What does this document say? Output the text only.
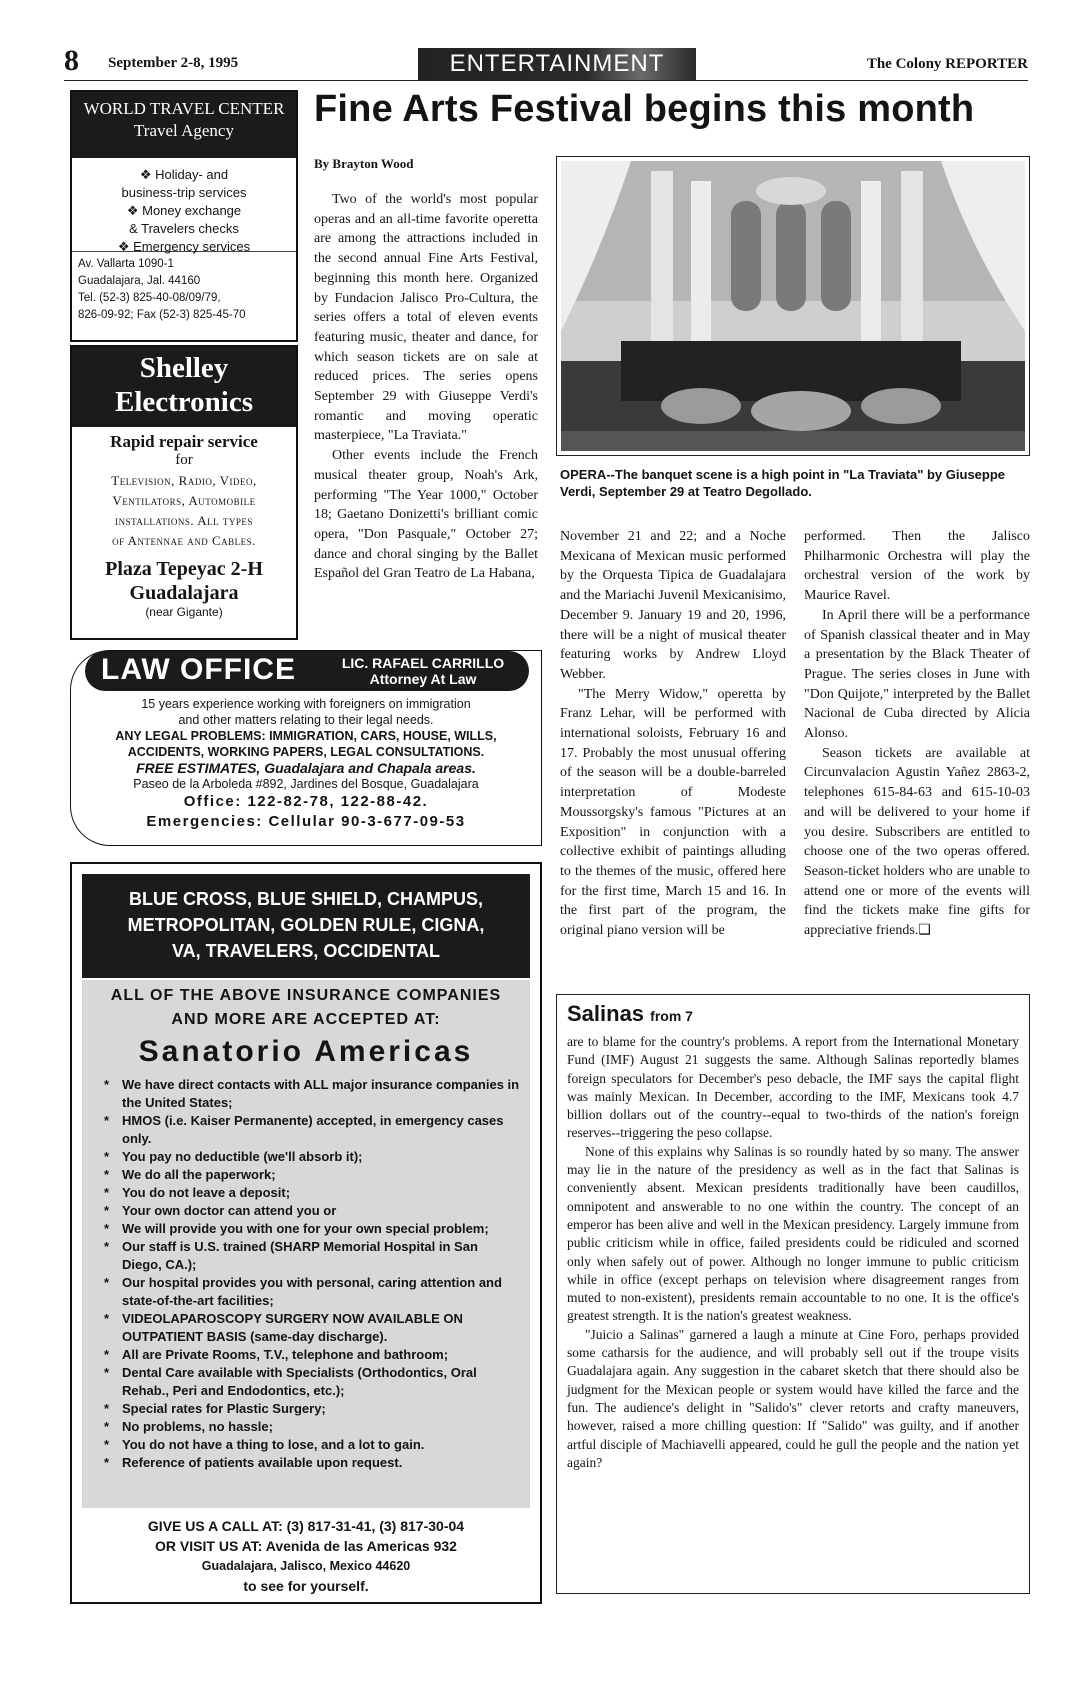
8 September 2-8, 1995	ENTERTAINMENT	The Colony REPORTER
WORLD TRAVEL CENTER
Travel Agency
❖ Holiday- and
business-trip services
❖ Money exchange
& Travelers checks
❖ Emergency services
Av. Vallarta 1090-1
Guadalajara, Jal. 44160
Tel. (52-3) 825-40-08/09/79,
826-09-92; Fax (52-3) 825-45-70
Shelley
Electronics
Rapid repair service
for
Television, Radio, Video,
Ventilators, Automobile
installations. All types
of Antennae and Cables.
Plaza Tepeyac 2-H
Guadalajara
(near Gigante)
LAW OFFICE	LIC. RAFAEL CARRILLO
Attorney At Law
15 years experience working with foreigners on immigration
and other matters relating to their legal needs.
ANY LEGAL PROBLEMS: IMMIGRATION, CARS, HOUSE, WILLS,
ACCIDENTS, WORKING PAPERS, LEGAL CONSULTATIONS.
FREE ESTIMATES, Guadalajara and Chapala areas.
Paseo de la Arboleda #892, Jardines del Bosque, Guadalajara
Office: 122-82-78, 122-88-42.
Emergencies: Cellular 90-3-677-09-53
BLUE CROSS, BLUE SHIELD, CHAMPUS,
METROPOLITAN, GOLDEN RULE, CIGNA,
VA, TRAVELERS, OCCIDENTAL
ALL OF THE ABOVE INSURANCE COMPANIES
AND MORE ARE ACCEPTED AT:
Sanatorio Americas
* We have direct contacts with ALL major insurance companies in the United States;
* HMOS (i.e. Kaiser Permanente) accepted, in emergency cases only.
* You pay no deductible (we'll absorb it);
* We do all the paperwork;
* You do not leave a deposit;
* Your own doctor can attend you or
* We will provide you with one for your own special problem;
* Our staff is U.S. trained (SHARP Memorial Hospital in San Diego, CA.);
* Our hospital provides you with personal, caring attention and state-of-the-art facilities;
* VIDEOLAPAROSCOPY SURGERY NOW AVAILABLE ON OUTPATIENT BASIS (same-day discharge).
* All are Private Rooms, T.V., telephone and bathroom;
* Dental Care available with Specialists (Orthodontics, Oral Rehab., Peri and Endodontics, etc.);
* Special rates for Plastic Surgery;
* No problems, no hassle;
* You do not have a thing to lose, and a lot to gain.
* Reference of patients available upon request.
GIVE US A CALL AT: (3) 817-31-41, (3) 817-30-04
OR VISIT US AT: Avenida de las Americas 932
Guadalajara, Jalisco, Mexico 44620
to see for yourself.
Fine Arts Festival begins this month
By Brayton Wood

Two of the world's most popular operas and an all-time favorite operetta are among the attractions included in the second annual Fine Arts Festival, beginning this month here. Organized by Fundacion Jalisco Pro-Cultura, the series offers a total of eleven events featuring music, theater and dance, for which season tickets are on sale at reduced prices. The series opens September 29 with Giuseppe Verdi's romantic and moving operatic masterpiece, "La Traviata."

Other events include the French musical theater group, Noah's Ark, performing "The Year 1000," October 18; Gaetano Donizetti's brilliant comic opera, "Don Pasquale," October 27; dance and choral singing by the Ballet Español del Gran Teatro de La Habana,

OPERA--The banquet scene is a high point in "La Traviata" by Giuseppe Verdi, September 29 at Teatro Degollado.

November 21 and 22; and a Noche Mexicana of Mexican music performed by the Orquesta Tipica de Guadalajara and the Mariachi Juvenil Mexicanisimo, December 9. January 19 and 20, 1996, there will be a night of musical theater featuring works by Andrew Lloyd Webber.

"The Merry Widow," operetta by Franz Lehar, will be performed with international soloists, February 16 and 17. Probably the most unusual offering of the season will be a double-barreled interpretation of Modeste Moussorgsky's famous "Pictures at an Exposition" in conjunction with a collective exhibit of paintings alluding to the themes of the music, offered here for the first time, March 15 and 16. In the first part of the program, the original piano version will be

performed. Then the Jalisco Philharmonic Orchestra will play the orchestral version of the work by Maurice Ravel.

In April there will be a performance of Spanish classical theater and in May a presentation by the Black Theater of Prague. The series closes in June with "Don Quijote," interpreted by the Ballet Nacional de Cuba directed by Alicia Alonso.

Season tickets are available at Circunvalacion Agustin Yañez 2863-2, telephones 615-84-63 and 615-10-03 and will be delivered to your home if you desire. Subscribers are entitled to choose one of the two operas offered. Season-ticket holders who are unable to attend one or more of the events will find the tickets make fine gifts for appreciative friends.❑

Salinas from 7

are to blame for the country's problems. A report from the International Monetary Fund (IMF) August 21 suggests the same. Although Salinas reportedly blames foreign speculators for December's peso debacle, the IMF says the capital flight was mainly Mexican. In December, according to the IMF, Mexicans took 4.7 billion dollars out of the country--equal to two-thirds of the nation's foreign reserves--triggering the peso collapse.

None of this explains why Salinas is so roundly hated by so many. The answer may lie in the nature of the presidency as well as in the fact that Salinas is conveniently absent. Mexican presidents traditionally have been caudillos, omnipotent and answerable to no one within the country. The concept of an emperor has been alive and well in the Mexican presidency. Largely immune from public criticism while in office, failed presidents could be ridiculed and scorned only when safely out of power. Although no longer immune to public criticism while in office (except perhaps on television where disagreement ranges from muted to non-existent), presidents remain accountable to no one. It is the office's greatest strength. It is the nation's greatest weakness.

"Juicio a Salinas" garnered a laugh a minute at Cine Foro, perhaps provided some catharsis for the audience, and will probably sell out if the troupe visits Guadalajara again. Any suggestion in the cabaret sketch that there should also be judgment for the Mexican people or system would have killed the farce and the fun. The audience's delight in "Salido's" clever retorts and crafty maneuvers, however, raised a more chilling question: If "Salido" was guilty, and if another artful disciple of Machiavelli appeared, could he gull the people and the nation yet again?
